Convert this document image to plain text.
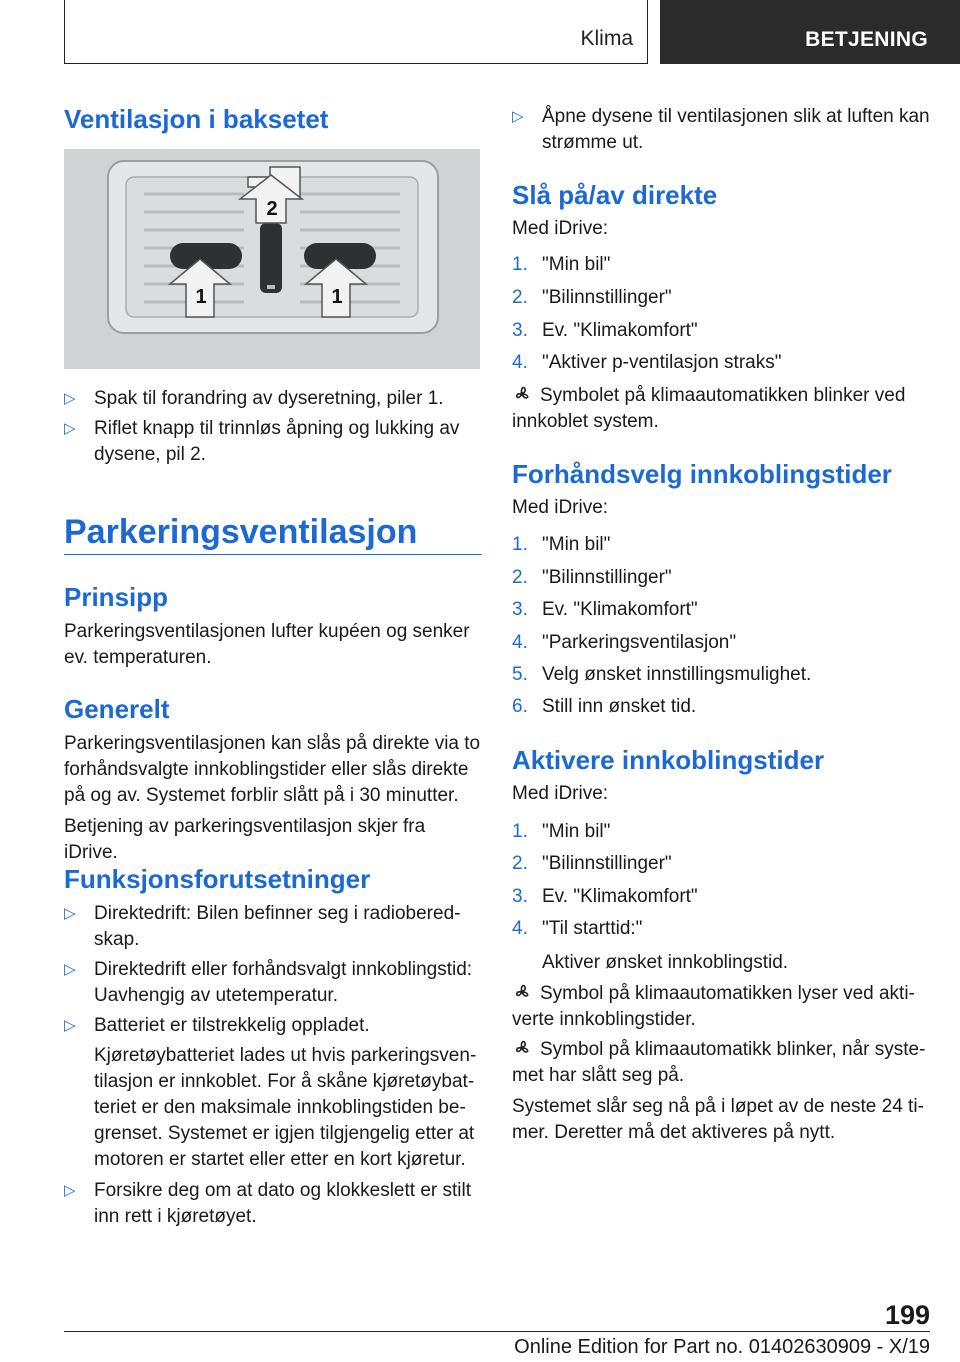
Klima	BETJENING
Ventilasjon i baksetet
2
1	1
▷ Spak til forandring av dyseretning, piler 1.
▷ Riflet knapp til trinnløs åpning og lukking av dysene, pil 2.
Parkeringsventilasjon
Prinsipp

Parkeringsventilasjonen lufter kupéen og senker ev. temperaturen.

Generelt

Parkeringsventilasjonen kan slås på direkte via to forhåndsvalgte innkoblingstider eller slås direkte på og av. Systemet forblir slått på i 30 minutter.

Betjening av parkeringsventilasjon skjer fra iDrive.

Funksjonsforutsetninger
▷ Direktedrift: Bilen befinner seg i radioberedskap.
▷ Direktedrift eller forhåndsvalgt innkoblingstid: Uavhengig av utetemperatur.
▷ Batteriet er tilstrekkelig oppladet.
Kjøretøybatteriet lades ut hvis parkeringsventilasjon er innkoblet. For å skåne kjøretøybatteriet er den maksimale innkoblingstiden begrenset. Systemet er igjen tilgjengelig etter at motoren er startet eller etter en kort kjøretur.
▷ Forsikre deg om at dato og klokkeslett er stilt inn rett i kjøretøyet.
▷ Åpne dysene til ventilasjonen slik at luften kan strømme ut.
Slå på/av direkte

Med iDrive:

1. "Min bil"
2. "Bilinnstillinger"
3. Ev. "Klimakomfort"
4. "Aktiver p-ventilasjon straks"

Symbolet på klimaautomatikken blinker ved innkoblet system.

Forhåndsvelg innkoblingstider

Med iDrive:

1. "Min bil"
2. "Bilinnstillinger"
3. Ev. "Klimakomfort"
4. "Parkeringsventilasjon"
5. Velg ønsket innstillingsmulighet.
6. Still inn ønsket tid.
Aktivere innkoblingstider

Med iDrive:

1. "Min bil"
2. "Bilinnstillinger"
3. Ev. "Klimakomfort"
4. "Til starttid:"
Aktiver ønsket innkoblingstid.

Symbol på klimaautomatikken lyser ved aktiverte innkoblingstider.

Symbol på klimaautomatikk blinker, når systemet har slått seg på.

Systemet slår seg nå på i løpet av de neste 24 timer. Deretter må det aktiveres på nytt.

199
Online Edition for Part no. 01402630909 - X/19
